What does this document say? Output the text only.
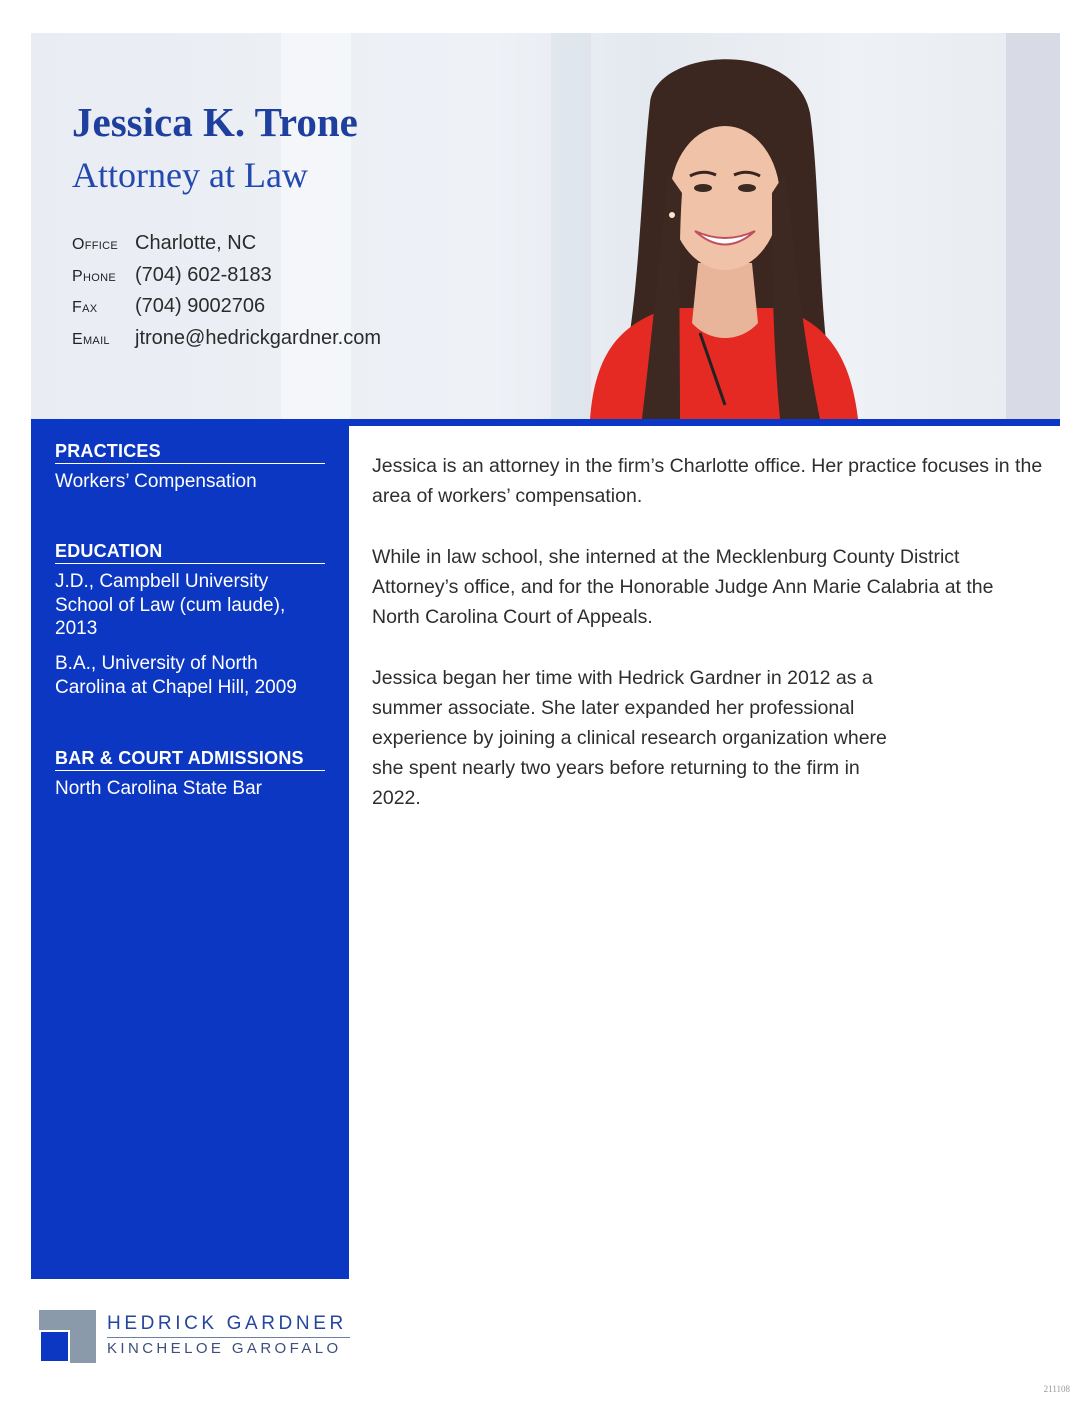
Jessica K. Trone
Attorney at Law
Office Charlotte, NC
Phone (704) 602-8183
Fax	(704) 9002706
Email	jtrone@hedrickgardner.com
PRACTICES
Workers’ Compensation
EDUCATION
J.D., Campbell University School of Law (cum laude), 2013
B.A., University of North Carolina at Chapel Hill, 2009
BAR & COURT ADMISSIONS
North Carolina State Bar

Jessica is an attorney in the firm’s Charlotte office. Her practice focuses in the area of workers’ compensation.

While in law school, she interned at the Mecklenburg County District Attorney’s office, and for the Honorable Judge Ann Marie Calabria at the North Carolina Court of Appeals.

Jessica began her time with Hedrick Gardner in 2012 as a summer associate. She later expanded her professional experience by joining a clinical research organization where she spent nearly two years before returning to the firm in 2022.

HEDRICK GARDNER
KINCHELOE GAROFALO
211108
